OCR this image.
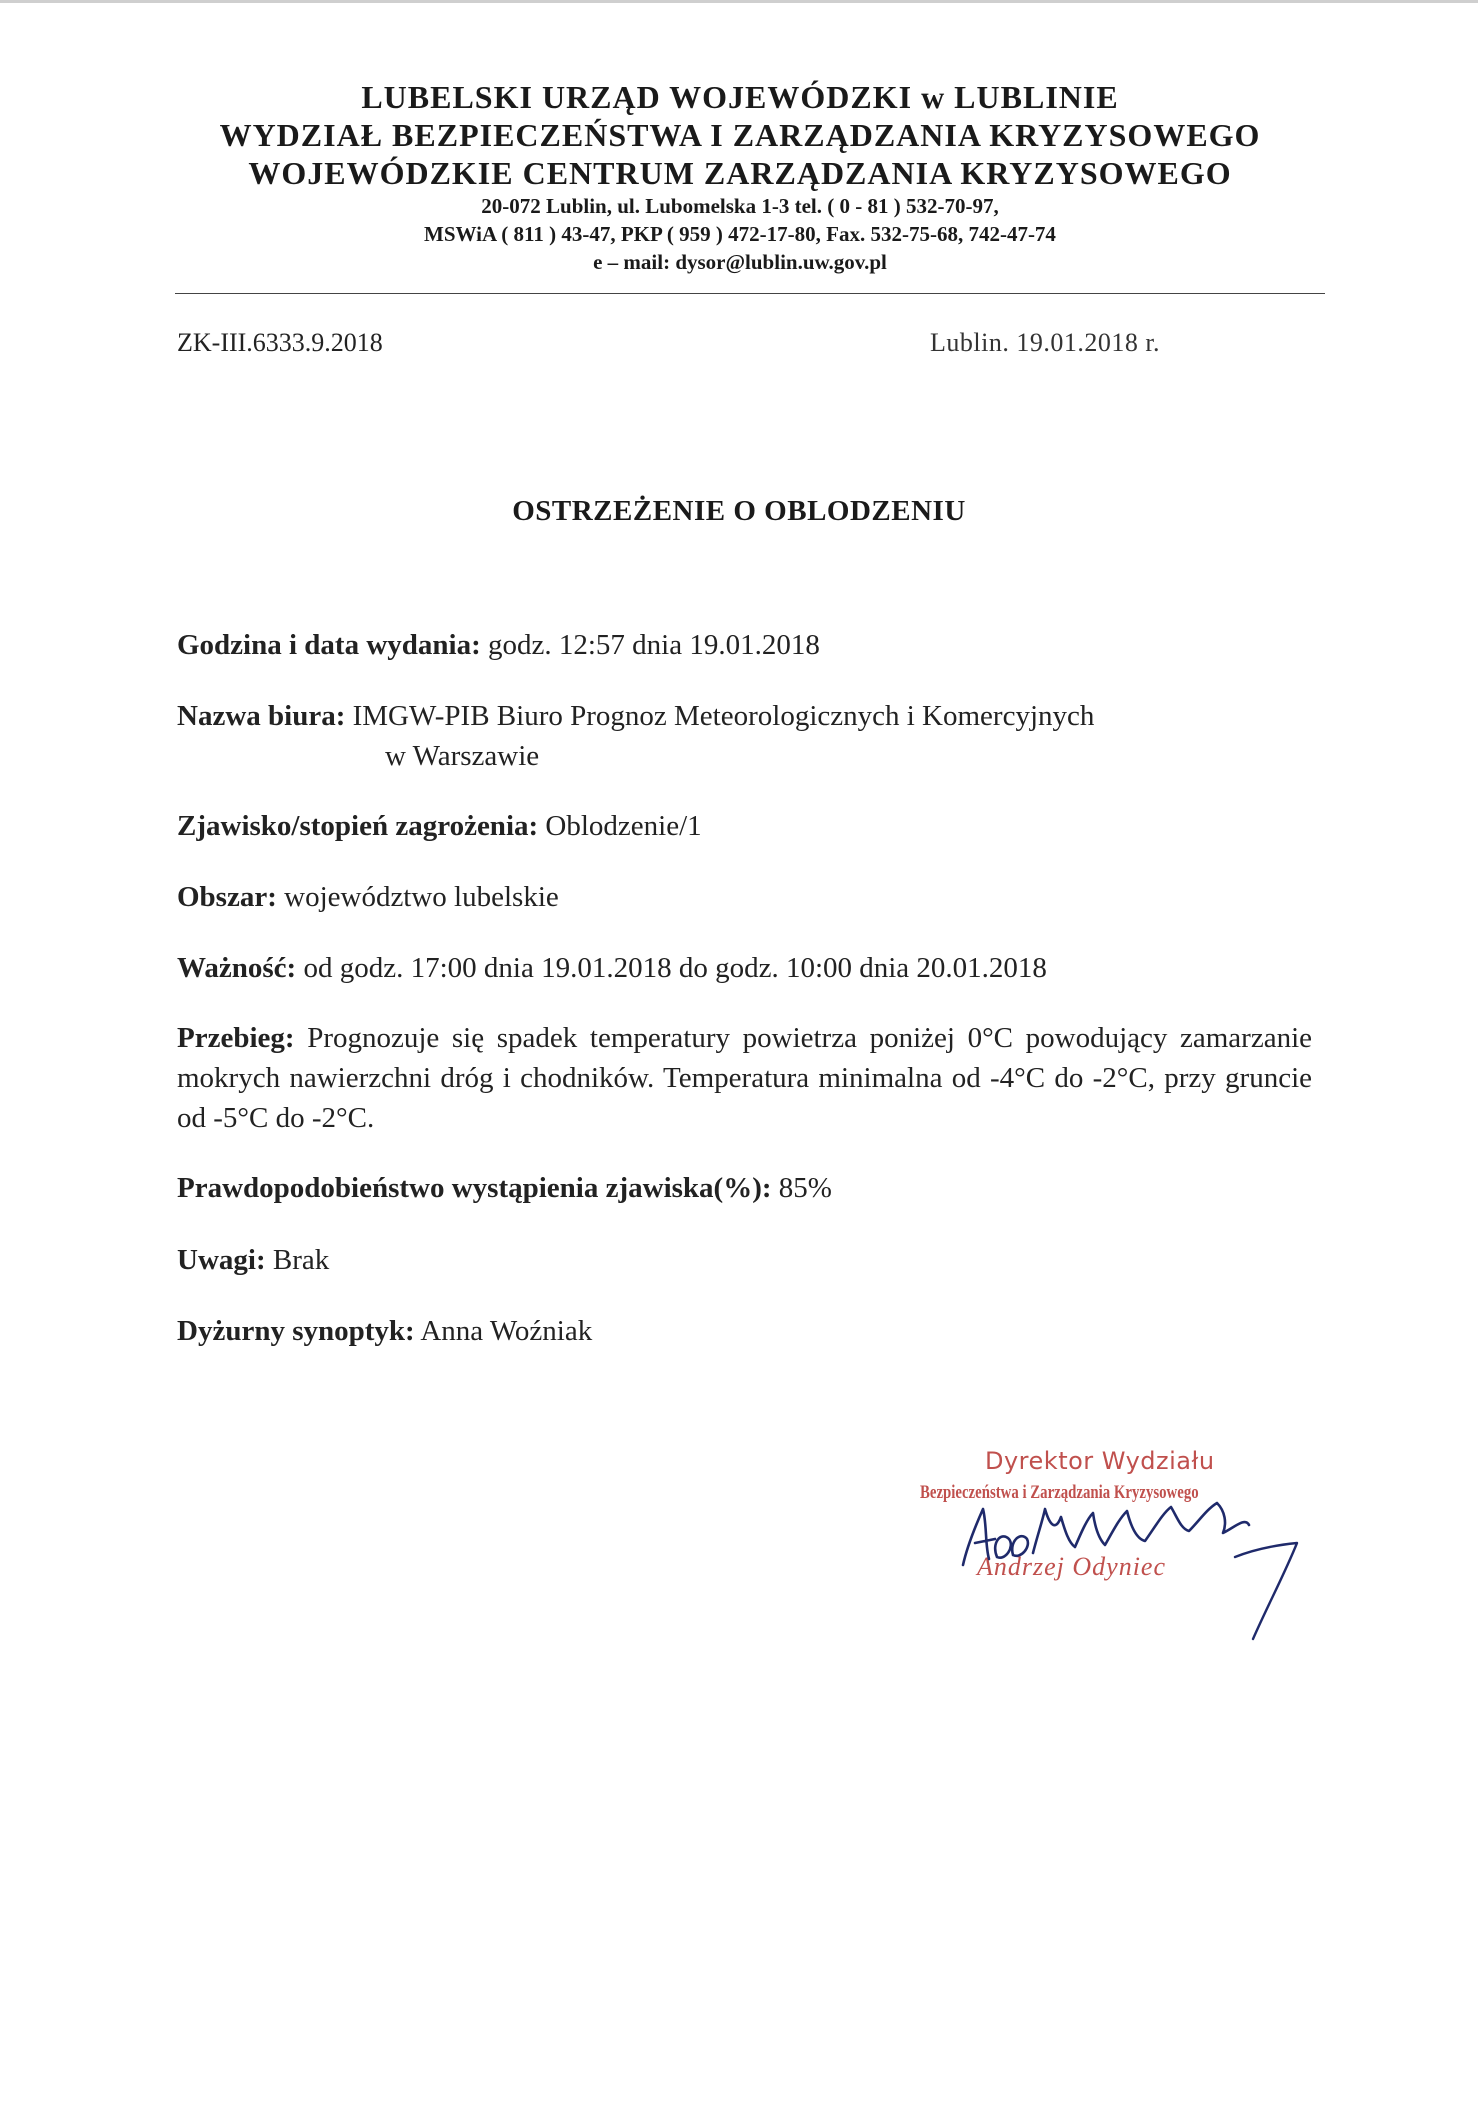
LUBELSKI URZĄD WOJEWÓDZKI w LUBLINIE
WYDZIAŁ BEZPIECZEŃSTWA I ZARZĄDZANIA KRYZYSOWEGO
WOJEWÓDZKIE CENTRUM ZARZĄDZANIA KRYZYSOWEGO
20-072 Lublin, ul. Lubomelska 1-3 tel. ( 0 - 81 ) 532-70-97,
MSWiA ( 811 ) 43-47, PKP ( 959 ) 472-17-80, Fax. 532-75-68, 742-47-74
e – mail: dysor@lublin.uw.gov.pl
ZK-III.6333.9.2018	Lublin. 19.01.2018 r.
OSTRZEŻENIE O OBLODZENIU
Godzina i data wydania: godz. 12:57 dnia 19.01.2018
Nazwa biura: IMGW-PIB Biuro Prognoz Meteorologicznych i Komercyjnych
w Warszawie
Zjawisko/stopień zagrożenia: Oblodzenie/1
Obszar: województwo lubelskie
Ważność: od godz. 17:00 dnia 19.01.2018 do godz. 10:00 dnia 20.01.2018
Przebieg: Prognozuje się spadek temperatury powietrza poniżej 0°C powodujący zamarzanie mokrych nawierzchni dróg i chodników. Temperatura minimalna od -4°C do -2°C, przy gruncie od -5°C do -2°C.
Prawdopodobieństwo wystąpienia zjawiska(%): 85%
Uwagi: Brak
Dyżurny synoptyk: Anna Woźniak
Dyrektor Wydziału
Bezpieczeństwa i Zarządzania Kryzysowego
Andrzej Odyniec
